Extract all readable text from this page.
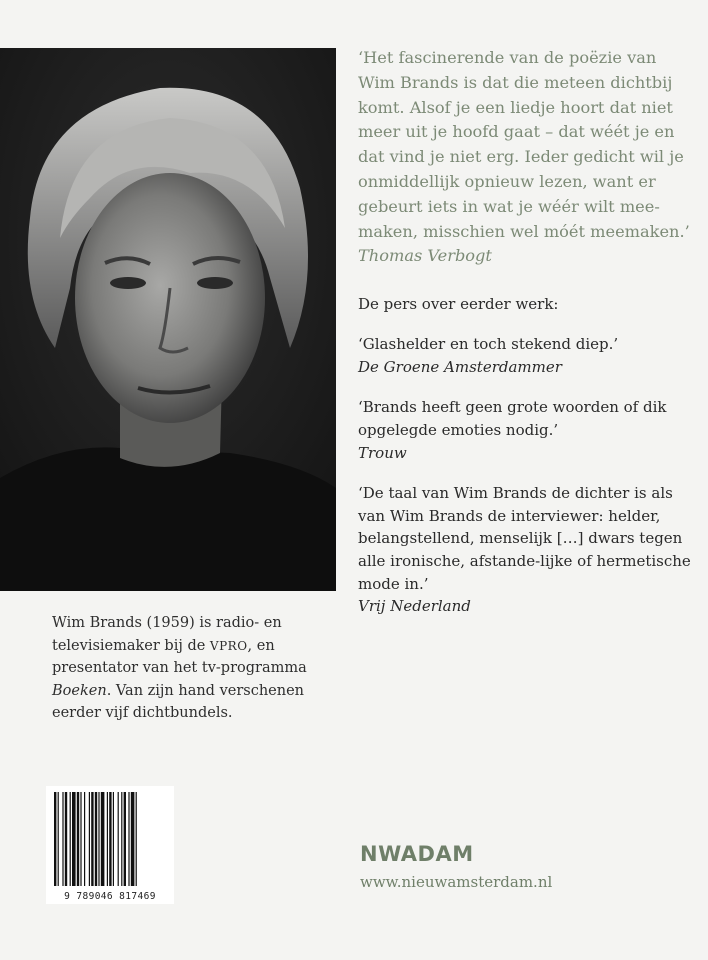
Wim Brands (1959) is radio- en televisiemaker bij de VPRO, en presentator van het tv-programma Boeken. Van zijn hand verschenen eerder vijf dichtbundels.

‘Het fascinerende van de poëzie van Wim Brands is dat die meteen dichtbij komt. Alsof je een liedje hoort dat niet meer uit je hoofd gaat – dat wéét je en dat vind je niet erg. Ieder gedicht wil je onmiddellijk opnieuw lezen, want er gebeurt iets in wat je wéér wilt mee-maken, misschien wel móét meemaken.’ Thomas Verbogt

De pers over eerder werk:

‘Glashelder en toch stekend diep.’
De Groene Amsterdammer
‘Brands heeft geen grote woorden of dik opgelegde emoties nodig.’
Trouw
‘De taal van Wim Brands de dichter is als van Wim Brands de interviewer: helder, belangstellend, menselijk […] dwars tegen alle ironische, afstande-lijke of hermetische mode in.’
Vrij Nederland
9 789046 817469
NWADAM
www.nieuwamsterdam.nl
